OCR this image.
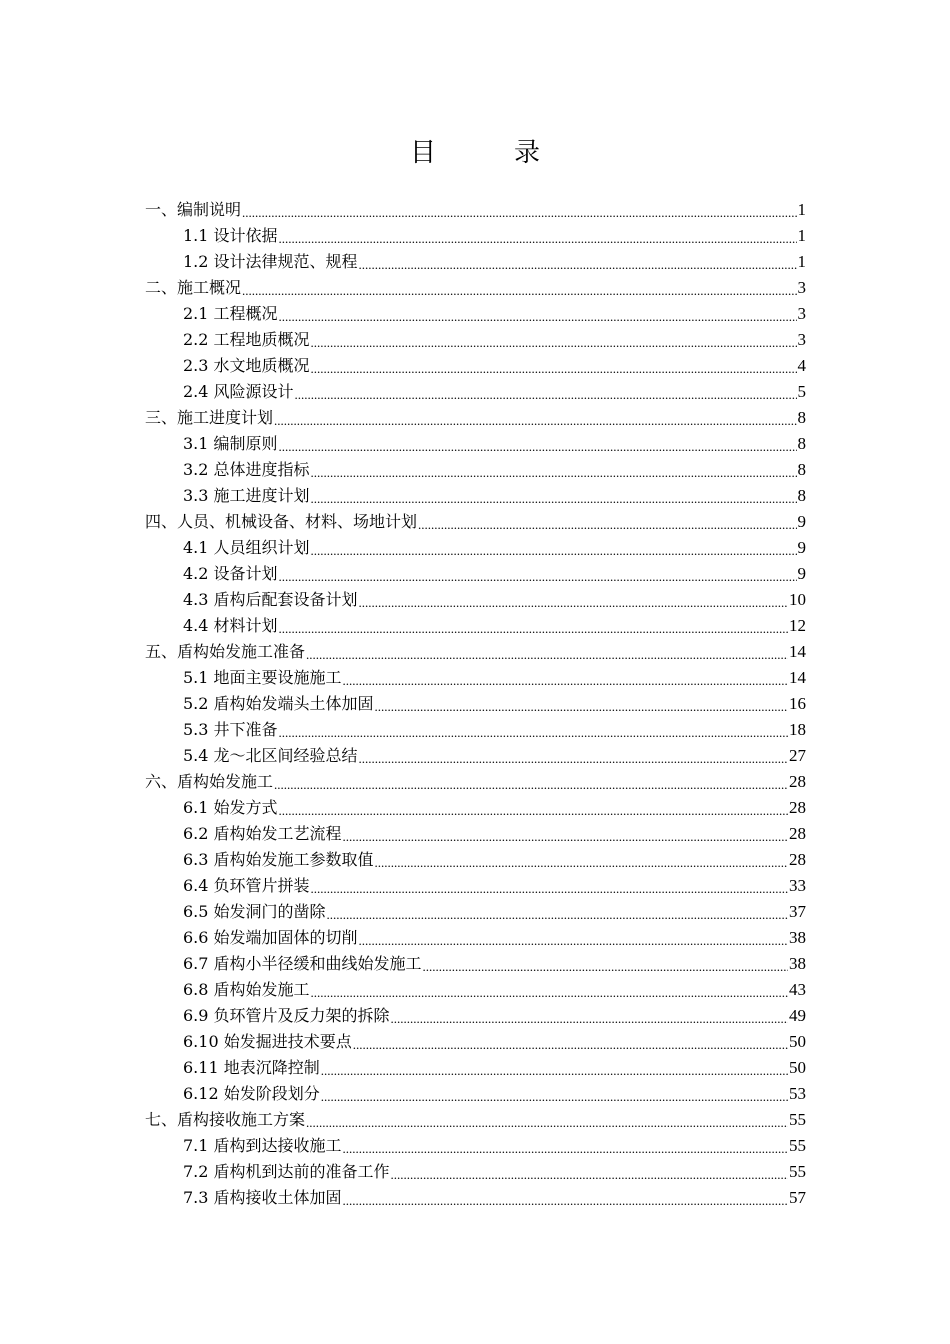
目　录
一、编制说明 .....	1
1.1 设计依据 .....	1
1.2 设计法律规范、规程 .....	1
二、施工概况 .....	3
2.1 工程概况 .....	3
2.2 工程地质概况 .....	3
2.3 水文地质概况 .....	4
2.4 风险源设计 .....	5
三、施工进度计划 .....	8
3.1 编制原则 .....	8
3.2 总体进度指标 .....	8
3.3 施工进度计划 .....	8
四、人员、机械设备、材料、场地计划 .....	9
4.1 人员组织计划 .....	9
4.2 设备计划 .....	9
4.3 盾构后配套设备计划 .....	10
4.4 材料计划 .....	12
五、盾构始发施工准备 .....	14
5.1 地面主要设施施工 .....	14
5.2 盾构始发端头土体加固 .....	16
5.3 井下准备 .....	18
5.4 龙～北区间经验总结 .....	27
六、盾构始发施工 .....	28
6.1 始发方式 .....	28
6.2 盾构始发工艺流程 .....	28
6.3 盾构始发施工参数取值 .....	28
6.4 负环管片拼装 .....	33
6.5 始发洞门的凿除 .....	37
6.6 始发端加固体的切削 .....	38
6.7 盾构小半径缓和曲线始发施工 .....	38
6.8 盾构始发施工 .....	43
6.9 负环管片及反力架的拆除 .....	49
6.10 始发掘进技术要点 .....	50
6.11 地表沉降控制 .....	50
6.12 始发阶段划分 .....	53
七、盾构接收施工方案 .....	55
7.1 盾构到达接收施工 .....	55
7.2 盾构机到达前的准备工作 .....	55
7.3 盾构接收土体加固 .....	57
